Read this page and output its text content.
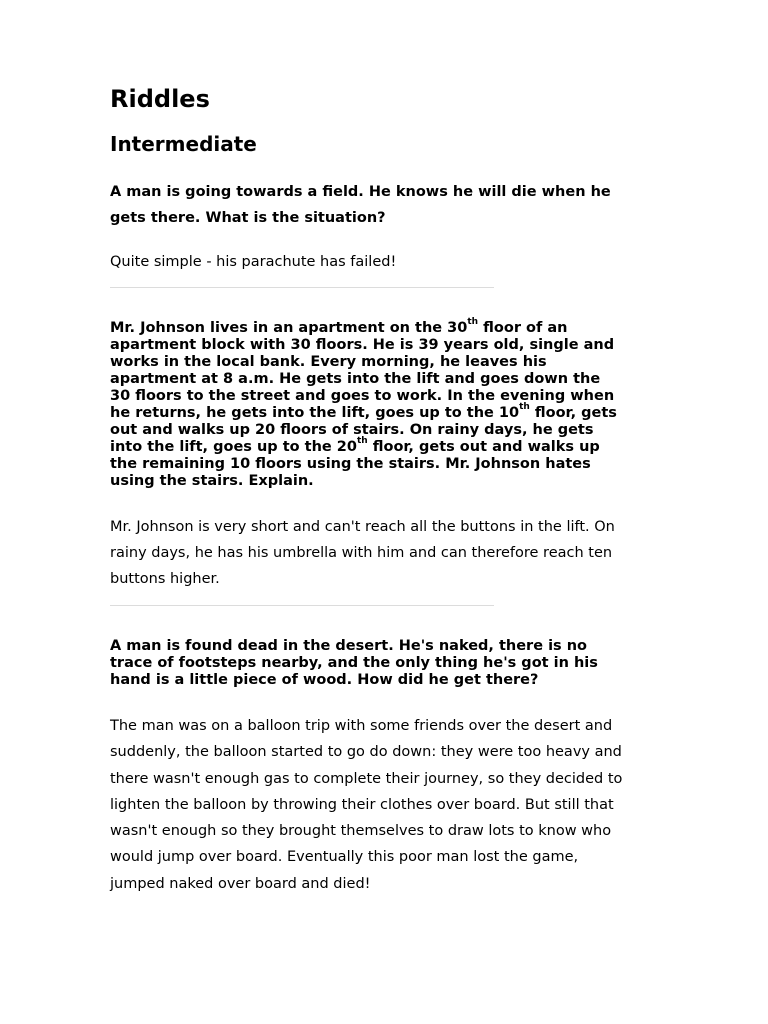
Riddles
Intermediate

A man is going towards a field. He knows he will die when he
gets there. What is the situation?

Quite simple - his parachute has failed!

Mr. Johnson lives in an apartment on the 30th floor of an
apartment block with 30 floors. He is 39 years old, single and
works in the local bank. Every morning, he leaves his
apartment at 8 a.m. He gets into the lift and goes down the
30 floors to the street and goes to work. In the evening when
he returns, he gets into the lift, goes up to the 10th floor, gets
out and walks up 20 floors of stairs. On rainy days, he gets
into the lift, goes up to the 20th floor, gets out and walks up
the remaining 10 floors using the stairs. Mr. Johnson hates
using the stairs. Explain.

Mr. Johnson is very short and can't reach all the buttons in the lift. On
rainy days, he has his umbrella with him and can therefore reach ten
buttons higher.

A man is found dead in the desert. He's naked, there is no
trace of footsteps nearby, and the only thing he's got in his
hand is a little piece of wood. How did he get there?

The man was on a balloon trip with some friends over the desert and
suddenly, the balloon started to go do down: they were too heavy and
there wasn't enough gas to complete their journey, so they decided to
lighten the balloon by throwing their clothes over board. But still that
wasn't enough so they brought themselves to draw lots to know who
would jump over board. Eventually this poor man lost the game,
jumped naked over board and died!
